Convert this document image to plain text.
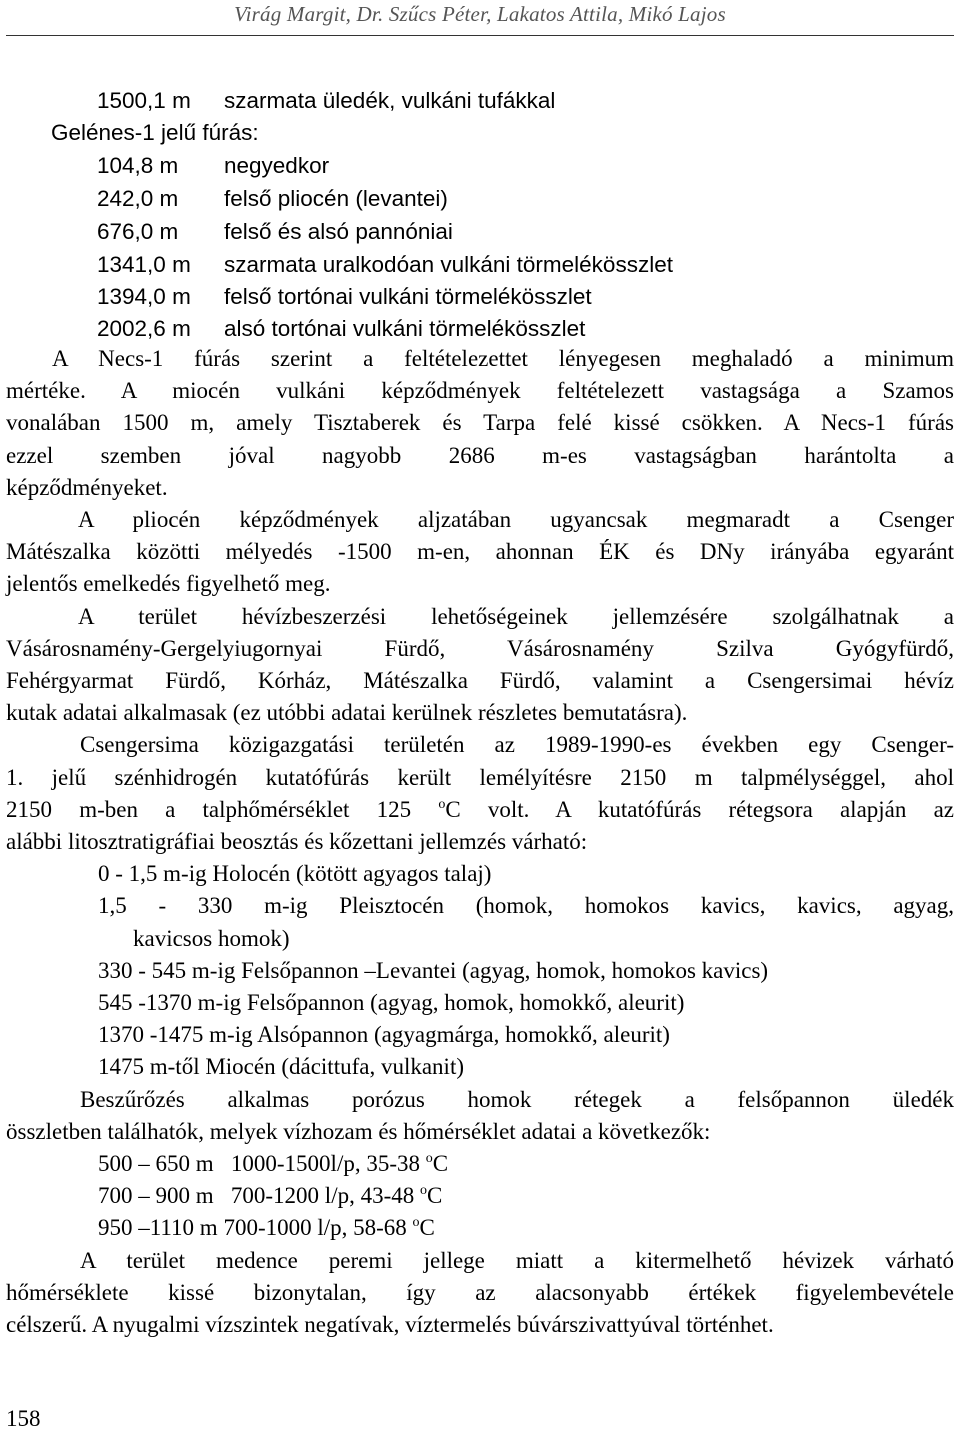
Virág Margit, Dr. Szűcs Péter, Lakatos Attila, Mikó Lajos
1500,1 m szarmata üledék, vulkáni tufákkal
Gelénes-1 jelű fúrás:
104,8 m negyedkor
242,0 m felső pliocén (levantei)
676,0 m felső és alsó pannóniai
1341,0 m szarmata uralkodóan vulkáni törmelékösszlet
1394,0 m felső tortónai vulkáni törmelékösszlet
2002,6 m alsó tortónai vulkáni törmelékösszlet
A Necs-1 fúrás szerint a feltételezettet lényegesen meghaladó a minimum
mértéke. A miocén vulkáni képződmények feltételezett vastagsága a Szamos
vonalában 1500 m, amely Tisztaberek és Tarpa felé kissé csökken. A Necs-1 fúrás
ezzel szemben jóval nagyobb 2686 m-es vastagságban harántolta a
képződményeket.
A pliocén képződmények aljzatában ugyancsak megmaradt a Csenger
Mátészalka közötti mélyedés -1500 m-en, ahonnan ÉK és DNy irányába egyaránt
jelentős emelkedés figyelhető meg.
A terület hévízbeszerzési lehetőségeinek jellemzésére szolgálhatnak a
Vásárosnamény-Gergelyiugornyai Fürdő, Vásárosnamény Szilva Gyógyfürdő,
Fehérgyarmat Fürdő, Kórház, Mátészalka Fürdő, valamint a Csengersimai hévíz
kutak adatai alkalmasak (ez utóbbi adatai kerülnek részletes bemutatásra).
Csengersima közigazgatási területén az 1989-1990-es években egy Csenger-
1. jelű szénhidrogén kutatófúrás került lemélyítésre 2150 m talpmélységgel, ahol
2150 m-ben a talphőmérséklet 125 $^o$C volt. A kutatófúrás rétegsora alapján az
alábbi litosztratigráfiai beosztás és kőzettani jellemzés várható:
0 - 1,5 m-ig Holocén (kötött agyagos talaj)
1,5 - 330 m-ig Pleisztocén (homok, homokos kavics, kavics, agyag,
kavicsos homok)
330 - 545 m-ig Felsőpannon –Levantei (agyag, homok, homokos kavics)
545 -1370 m-ig Felsőpannon (agyag, homok, homokkő, aleurit)
1370 -1475 m-ig Alsópannon (agyagmárga, homokkő, aleurit)
1475 m-től Miocén (dácittufa, vulkanit)
Beszűrőzés alkalmas porózus homok rétegek a felsőpannon üledék
összletben találhatók, melyek vízhozam és hőmérséklet adatai a következők:
500 – 650 m 1000-1500l/p, 35-38 $^o$C
700 – 900 m 700-1200 l/p, 43-48 $^o$C
950 –1110 m 700-1000 l/p, 58-68 $^o$C
A terület medence peremi jellege miatt a kitermelhető hévizek várható
hőmérséklete kissé bizonytalan, így az alacsonyabb értékek figyelembevétele
célszerű. A nyugalmi vízszintek negatívak, víztermelés búvárszivattyúval történhet.
158
